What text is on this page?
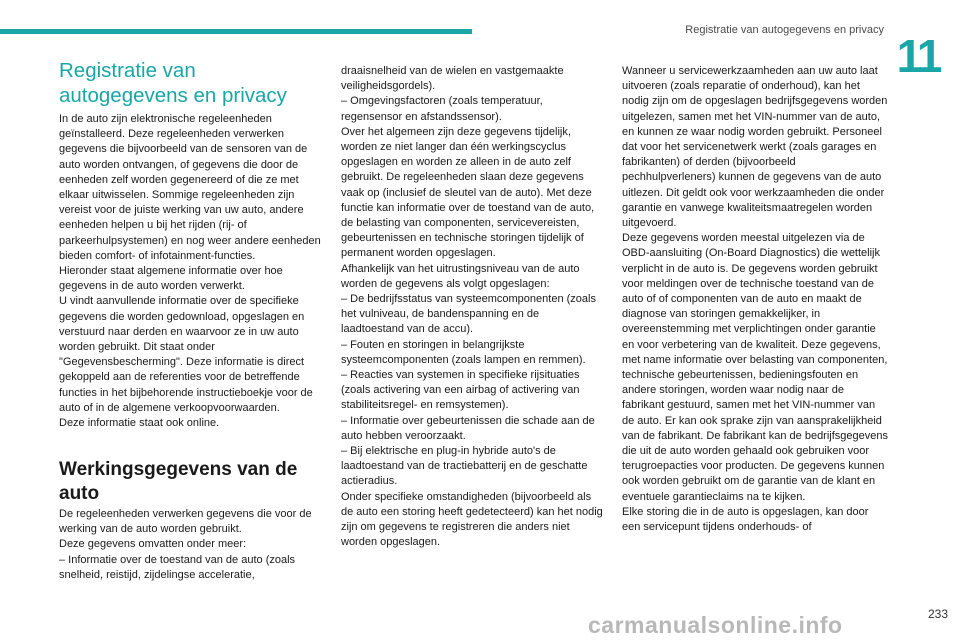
Registratie van autogegevens en privacy 11
Registratie van autogegevens en privacy

In de auto zijn elektronische regeleenheden geïnstalleerd. Deze regeleenheden verwerken gegevens die bijvoorbeeld van de sensoren van de auto worden ontvangen, of gegevens die door de eenheden zelf worden gegenereerd of die ze met elkaar uitwisselen. Sommige regeleenheden zijn vereist voor de juiste werking van uw auto, andere eenheden helpen u bij het rijden (rij- of parkeerhulpsystemen) en nog weer andere eenheden bieden comfort- of infotainment-functies.

Hieronder staat algemene informatie over hoe gegevens in de auto worden verwerkt.

U vindt aanvullende informatie over de specifieke gegevens die worden gedownload, opgeslagen en verstuurd naar derden en waarvoor ze in uw auto worden gebruikt. Dit staat onder "Gegevensbescherming". Deze informatie is direct gekoppeld aan de referenties voor de betreffende functies in het bijbehorende instructieboekje voor de auto of in de algemene verkoopvoorwaarden.

Deze informatie staat ook online.

Werkingsgegevens van de auto

De regeleenheden verwerken gegevens die voor de werking van de auto worden gebruikt.

Deze gegevens omvatten onder meer:

– Informatie over de toestand van de auto (zoals snelheid, reistijd, zijdelingse acceleratie,

draaisnelheid van de wielen en vastgemaakte veiligheidsgordels).

– Omgevingsfactoren (zoals temperatuur, regensensor en afstandssensor).

Over het algemeen zijn deze gegevens tijdelijk, worden ze niet langer dan één werkingscyclus opgeslagen en worden ze alleen in de auto zelf gebruikt. De regeleenheden slaan deze gegevens vaak op (inclusief de sleutel van de auto). Met deze functie kan informatie over de toestand van de auto, de belasting van componenten, servicevereisten, gebeurtenissen en technische storingen tijdelijk of permanent worden opgeslagen.

Afhankelijk van het uitrustingsniveau van de auto worden de gegevens als volgt opgeslagen:

– De bedrijfsstatus van systeemcomponenten (zoals het vulniveau, de bandenspanning en de laadtoestand van de accu).

– Fouten en storingen in belangrijkste systeemcomponenten (zoals lampen en remmen).

– Reacties van systemen in specifieke rijsituaties (zoals activering van een airbag of activering van stabiliteitsregel- en remsystemen).

– Informatie over gebeurtenissen die schade aan de auto hebben veroorzaakt.

– Bij elektrische en plug-in hybride auto's de laadtoestand van de tractiebatterij en de geschatte actieradius.

Onder specifieke omstandigheden (bijvoorbeeld als de auto een storing heeft gedetecteerd) kan het nodig zijn om gegevens te registreren die anders niet worden opgeslagen.

Wanneer u servicewerkzaamheden aan uw auto laat uitvoeren (zoals reparatie of onderhoud), kan het nodig zijn om de opgeslagen bedrijfsgegevens worden uitgelezen, samen met het VIN-nummer van de auto, en kunnen ze waar nodig worden gebruikt. Personeel dat voor het servicenetwerk werkt (zoals garages en fabrikanten) of derden (bijvoorbeeld pechhulpverleners) kunnen de gegevens van de auto uitlezen. Dit geldt ook voor werkzaamheden die onder garantie en vanwege kwaliteitsmaatregelen worden uitgevoerd.

Deze gegevens worden meestal uitgelezen via de OBD-aansluiting (On-Board Diagnostics) die wettelijk verplicht in de auto is. De gegevens worden gebruikt voor meldingen over de technische toestand van de auto of of componenten van de auto en maakt de diagnose van storingen gemakkelijker, in overeenstemming met verplichtingen onder garantie en voor verbetering van de kwaliteit. Deze gegevens, met name informatie over belasting van componenten, technische gebeurtenissen, bedieningsfouten en andere storingen, worden waar nodig naar de fabrikant gestuurd, samen met het VIN-nummer van de auto. Er kan ook sprake zijn van aansprakelijkheid van de fabrikant. De fabrikant kan de bedrijfsgegevens die uit de auto worden gehaald ook gebruiken voor terugroepacties voor producten. De gegevens kunnen ook worden gebruikt om de garantie van de klant en eventuele garantieclaims na te kijken.

Elke storing die in de auto is opgeslagen, kan door een servicepunt tijdens onderhouds- of

233
carmanualsonline.info
